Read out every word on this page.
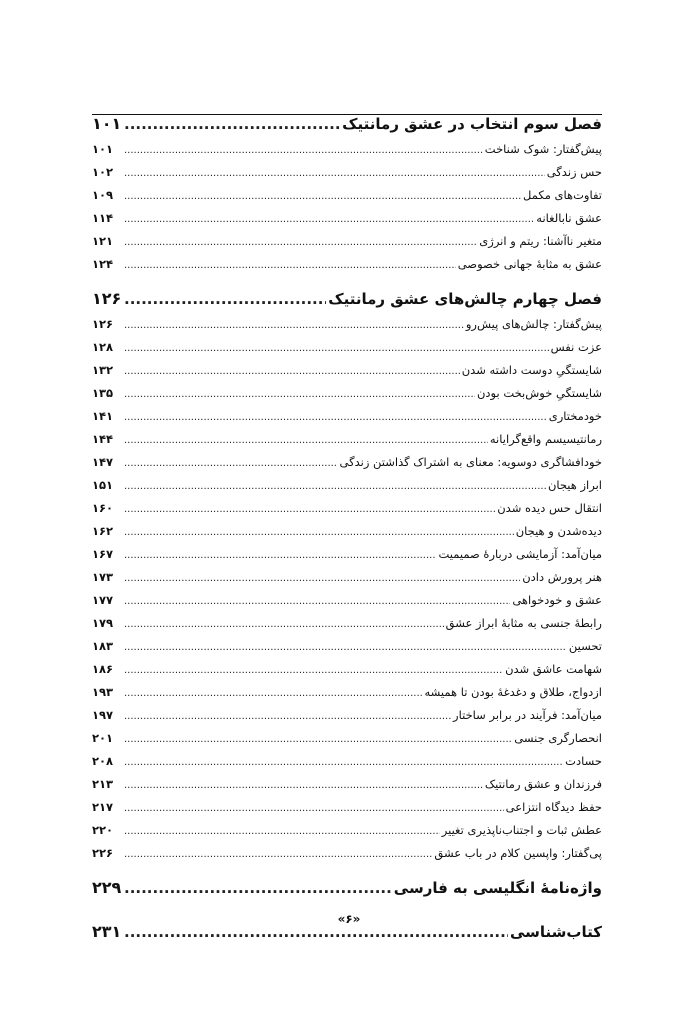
فصل سوم انتخاب در عشق رمانتیک
.....
۱۰۱
پیش‌گفتار: شوک شناخت
.....
۱۰۱
حس زندگی
.....
۱۰۲
تفاوت‌های مکمل
.....
۱۰۹
عشق نابالغانه
.....
۱۱۴
متغیر ناآشنا: ریتم و انرژی
.....
۱۲۱
عشق به مثابهٔ جهانی خصوصی
.....
۱۲۴
فصل چهارم چالش‌های عشق رمانتیک
.....
۱۲۶
پیش‌گفتار: چالش‌های پیش‌رو
.....
۱۲۶
عزت نفس
.....
۱۲۸
شایستگیِ دوست داشته شدن
.....
۱۳۲
شایستگیِ خوش‌بخت بودن
.....
۱۳۵
خودمختاری
.....
۱۴۱
رمانتیسیسم واقع‌گرایانه
.....
۱۴۴
خودافشاگری دوسویه: معنای به اشتراک گذاشتن زندگی
.....
۱۴۷
ابراز هیجان
.....
۱۵۱
انتقال حس دیده شدن
.....
۱۶۰
دیده‌شدن و هیجان
.....
۱۶۲
میان‌آمد: آزمایشی دربارهٔ صمیمیت
.....
۱۶۷
هنر پرورش دادن
.....
۱۷۳
عشق و خودخواهی
.....
۱۷۷
رابطهٔ جنسی به مثابهٔ ابراز عشق
.....
۱۷۹
تحسین
.....
۱۸۳
شهامت عاشق شدن
.....
۱۸۶
ازدواج، طلاق و دغدغهٔ بودن تا همیشه
.....
۱۹۳
میان‌آمد: فرآیند در برابر ساختار
.....
۱۹۷
انحصارگری جنسی
.....
۲۰۱
حسادت
.....
۲۰۸
فرزندان و عشق رمانتیک
.....
۲۱۳
حفظ دیدگاه انتزاعی
.....
۲۱۷
عطش ثبات و اجتناب‌ناپذیری تغییر
.....
۲۲۰
پی‌گفتار: واپسین کلام در باب عشق
.....
۲۲۶
واژه‌نامهٔ انگلیسی به فارسی
.....
۲۲۹
کتاب‌شناسی
.....
۲۳۱
«۶»
